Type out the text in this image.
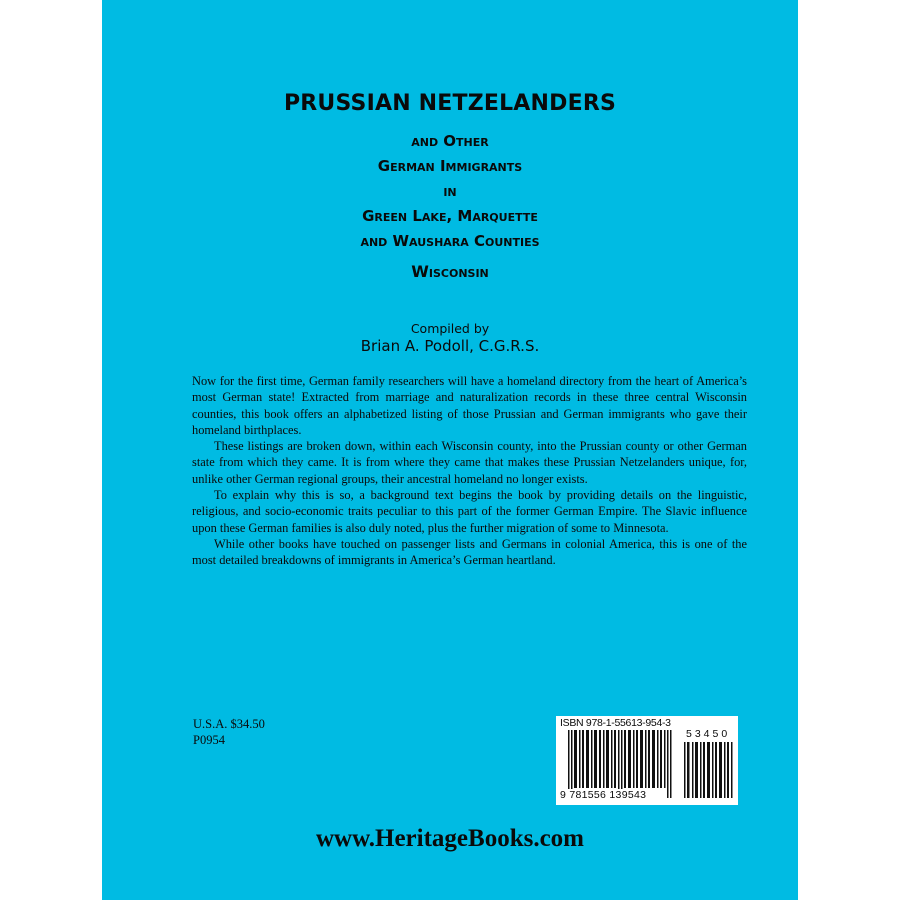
PRUSSIAN NETZELANDERS
and Other
German Immigrants
in
Green Lake, Marquette
and Waushara Counties
Wisconsin
Compiled by
Brian A. Podoll, C.G.R.S.

Now for the first time, German family researchers will have a homeland directory from the heart of America’s most German state! Extracted from marriage and naturalization records in these three central Wisconsin counties, this book offers an alphabetized listing of those Prussian and German immigrants who gave their homeland birthplaces.

These listings are broken down, within each Wisconsin county, into the Prussian county or other German state from which they came. It is from where they came that makes these Prussian Netzelanders unique, for, unlike other German regional groups, their ancestral homeland no longer exists.

To explain why this is so, a background text begins the book by providing details on the linguistic, religious, and socio-economic traits peculiar to this part of the former German Empire. The Slavic influence upon these German families is also duly noted, plus the further migration of some to Minnesota.

While other books have touched on passenger lists and Germans in colonial America, this is one of the most detailed breakdowns of immigrants in America’s German heartland.

U.S.A. $34.50
P0954
ISBN 978-1-55613-954-3
53450
9 781556 139543
www.HeritageBooks.com
